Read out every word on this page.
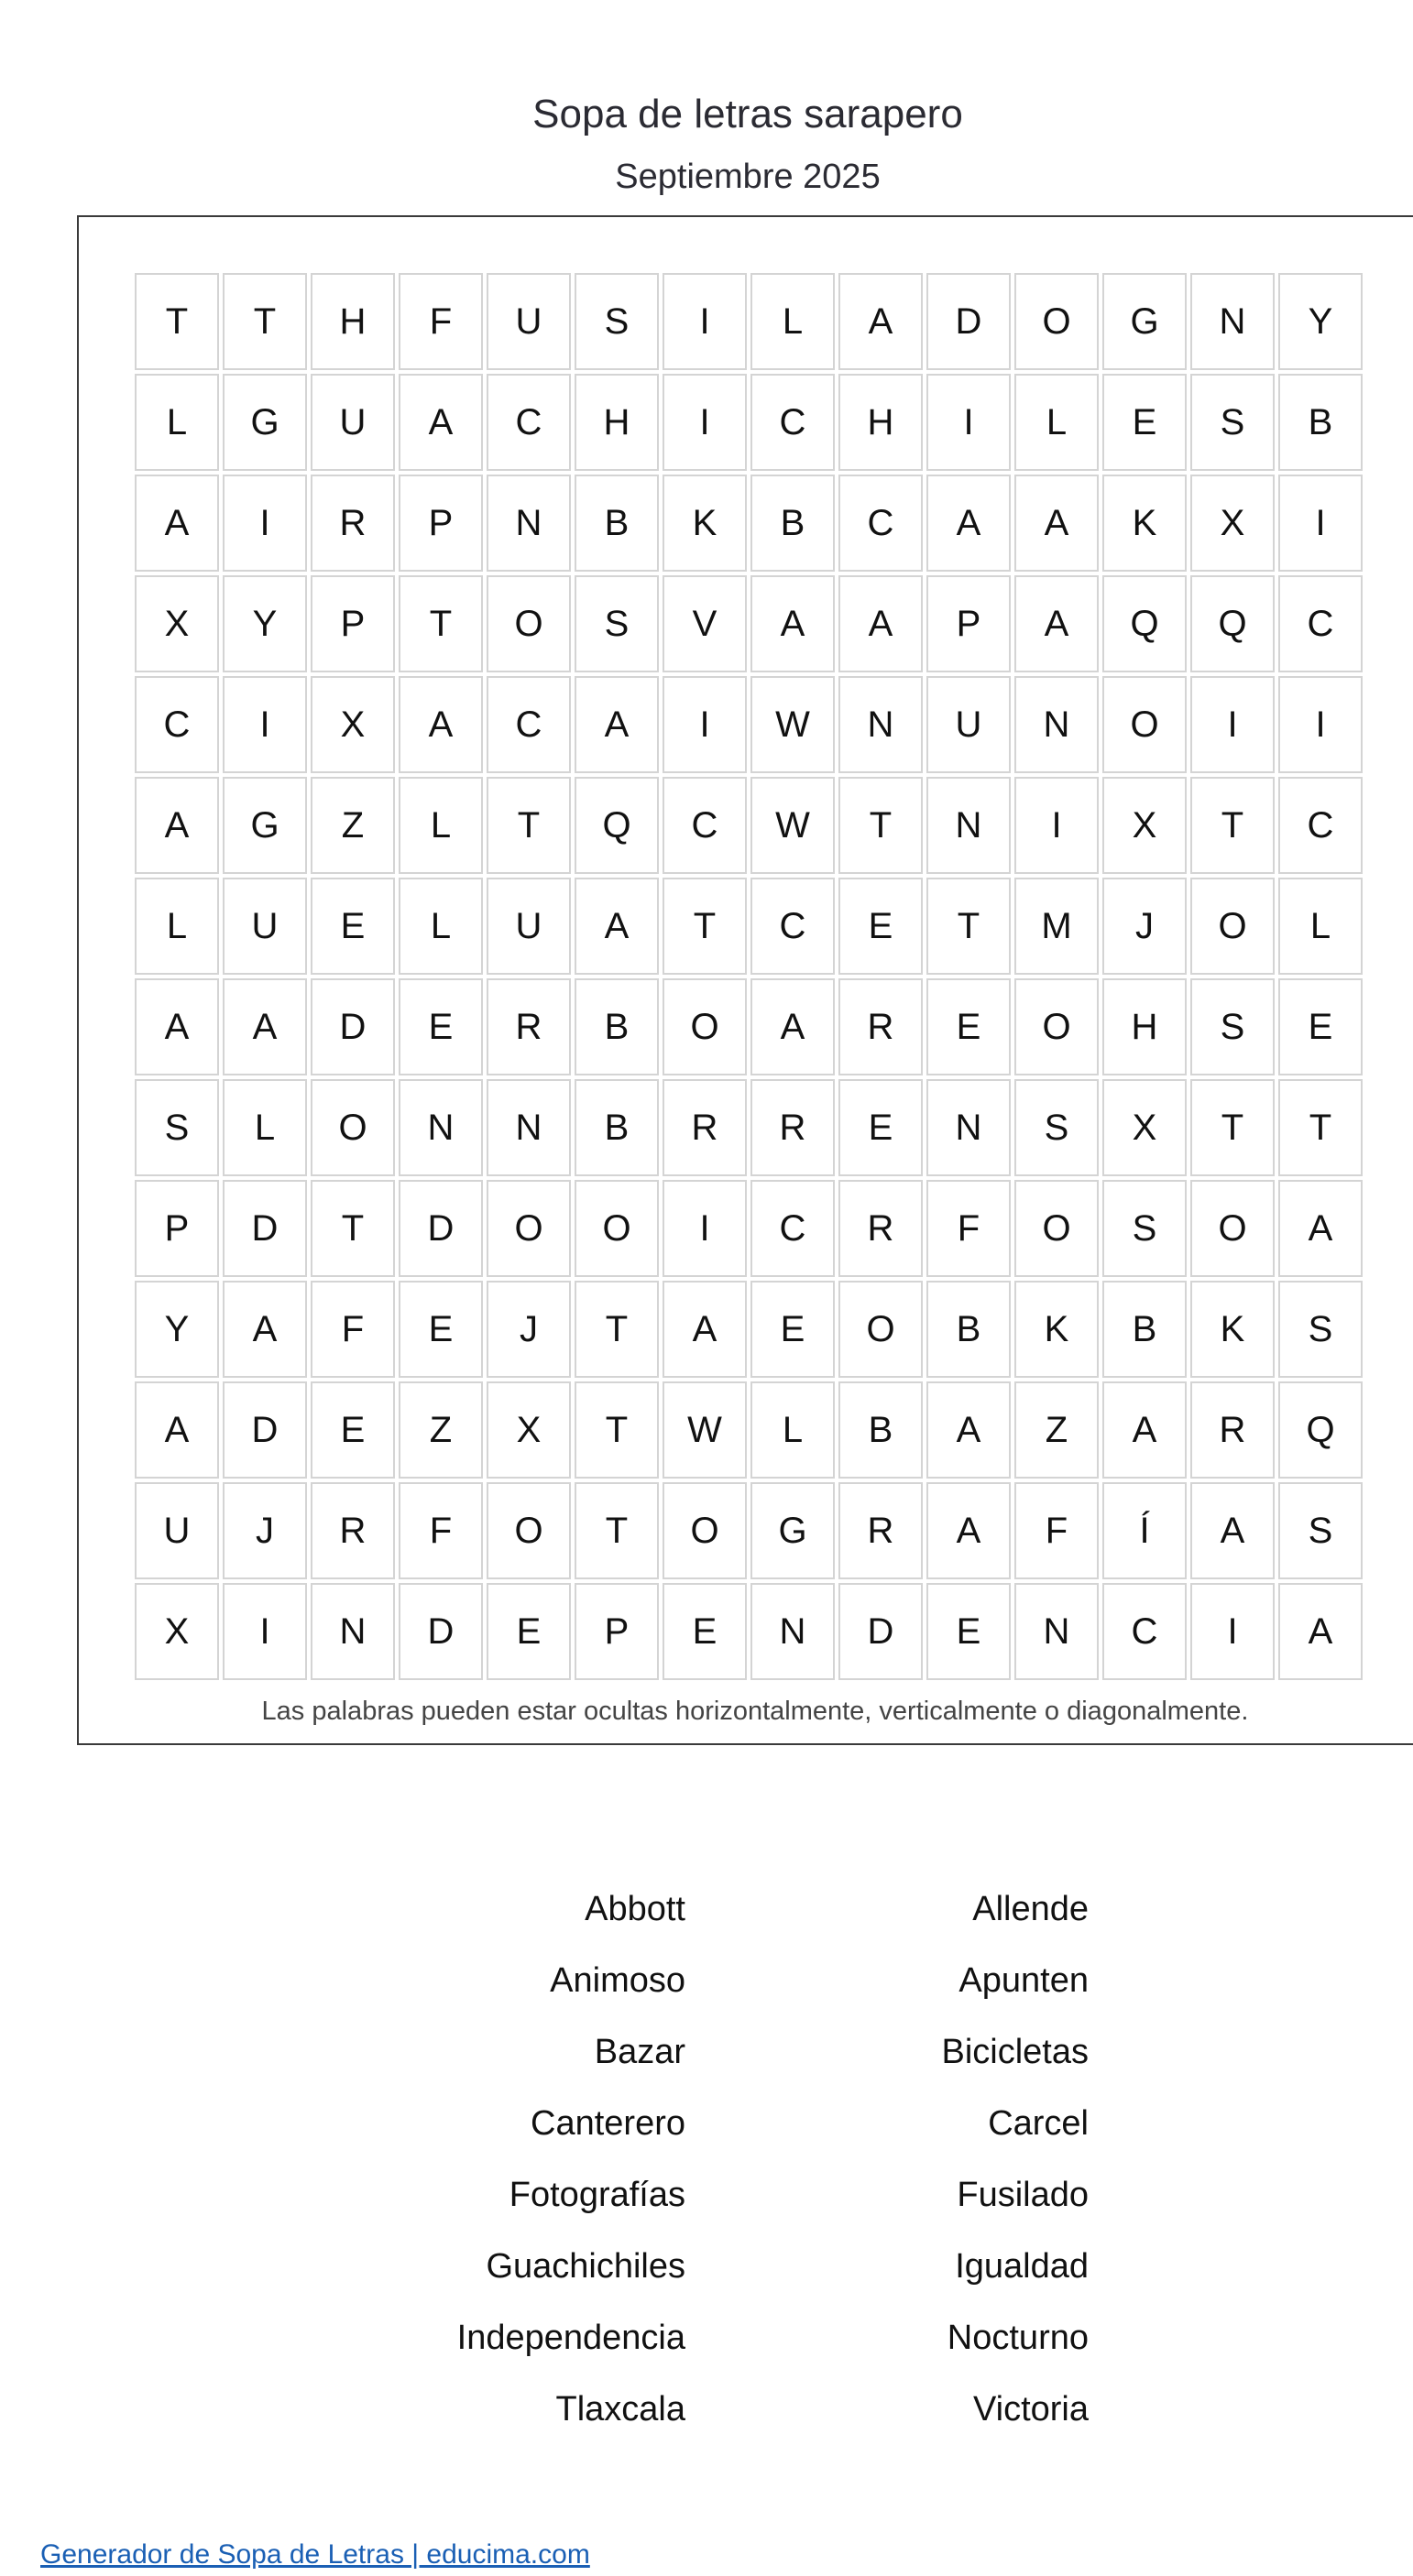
Sopa de letras sarapero
Septiembre 2025
T	T	H	F	U	S	I	L	A	D	O	G	N	Y
L	G	U	A	C	H	I	C	H	I	L	E	S	B
A	I	R	P	N	B	K	B	C	A	A	K	X	I
X	Y	P	T	O	S	V	A	A	P	A	Q	Q	C
C	I	X	A	C	A	I	W	N	U	N	O	I	I
A	G	Z	L	T	Q	C	W	T	N	I	X	T	C
L	U	E	L	U	A	T	C	E	T	M	J	O	L
A	A	D	E	R	B	O	A	R	E	O	H	S	E
S	L	O	N	N	B	R	R	E	N	S	X	T	T
P	D	T	D	O	O	I	C	R	F	O	S	O	A
Y	A	F	E	J	T	A	E	O	B	K	B	K	S
A	D	E	Z	X	T	W	L	B	A	Z	A	R	Q
U	J	R	F	O	T	O	G	R	A	F	Í	A	S
X	I	N	D	E	P	E	N	D	E	N	C	I	A

Las palabras pueden estar ocultas horizontalmente, verticalmente o diagonalmente.

Abbott	Allende
Animoso	Apunten
Bazar	Bicicletas
Canterero	Carcel
Fotografías	Fusilado
Guachichiles	Igualdad
Independencia	Nocturno
Tlaxcala	Victoria
Generador de Sopa de Letras | educima.com
